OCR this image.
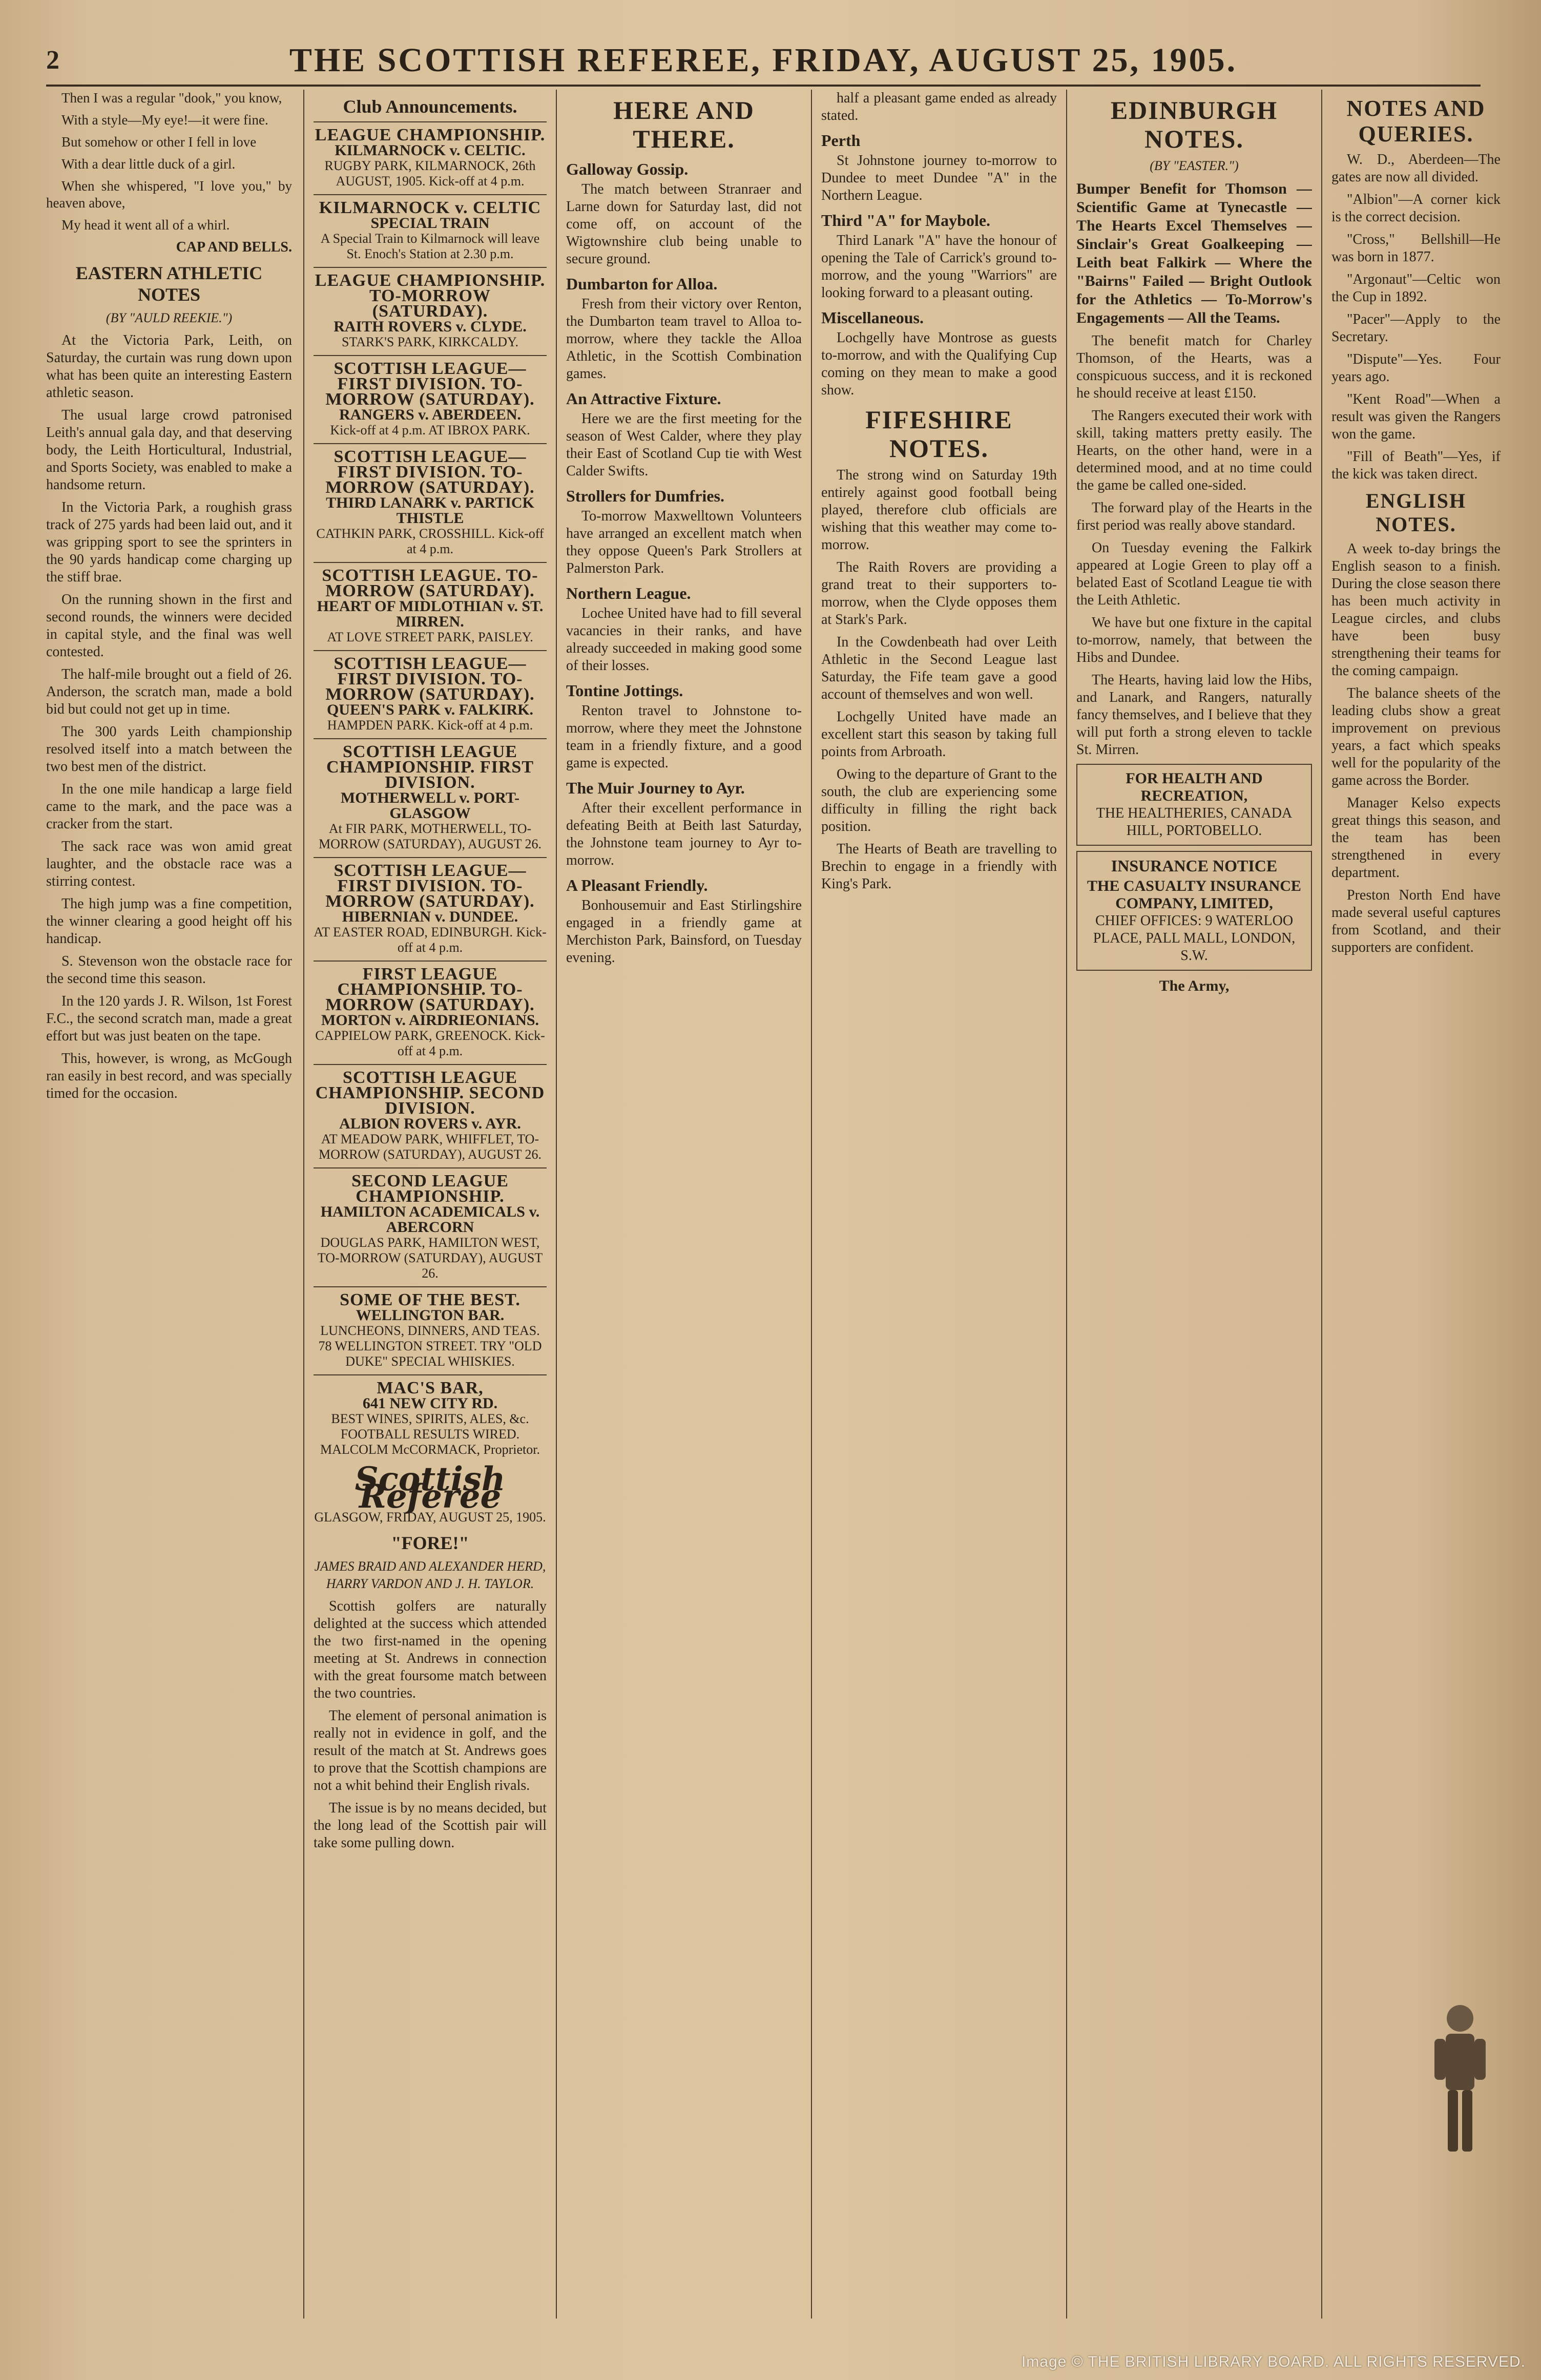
2	THE SCOTTISH REFEREE, FRIDAY, AUGUST 25, 1905.

Then I was a regular "dook," you know,

With a style—My eye!—it were fine.

But somehow or other I fell in love

With a dear little duck of a girl.

When she whispered, "I love you," by heaven above,

My head it went all of a whirl.

CAP AND BELLS.

EASTERN ATHLETIC NOTES
(BY "AULD REEKIE.")

At the Victoria Park, Leith, on Saturday, the curtain was rung down upon what has been quite an interesting Eastern athletic season.

The usual large crowd patronised Leith's annual gala day, and that deserving body, the Leith Horticultural, Industrial, and Sports Society, was enabled to make a handsome return.

In the Victoria Park, a roughish grass track of 275 yards had been laid out, and it was gripping sport to see the sprinters in the 90 yards handicap come charging up the stiff brae.

On the running shown in the first and second rounds, the winners were decided in capital style, and the final was well contested.

The half-mile brought out a field of 26. Anderson, the scratch man, made a bold bid but could not get up in time.

The 300 yards Leith championship resolved itself into a match between the two best men of the district.

In the one mile handicap a large field came to the mark, and the pace was a cracker from the start.

The sack race was won amid great laughter, and the obstacle race was a stirring contest.

The high jump was a fine competition, the winner clearing a good height off his handicap.

S. Stevenson won the obstacle race for the second time this season.

In the 120 yards J. R. Wilson, 1st Forest F.C., the second scratch man, made a great effort but was just beaten on the tape.

This, however, is wrong, as McGough ran easily in best record, and was specially timed for the occasion.

Club Announcements.
LEAGUE CHAMPIONSHIP.
KILMARNOCK v. CELTIC.
RUGBY PARK, KILMARNOCK, 26th AUGUST, 1905. Kick-off at 4 p.m.
KILMARNOCK v. CELTIC
SPECIAL TRAIN
A Special Train to Kilmarnock will leave St. Enoch's Station at 2.30 p.m.
LEAGUE CHAMPIONSHIP. TO-MORROW (SATURDAY).
RAITH ROVERS v. CLYDE.
STARK'S PARK, KIRKCALDY.
SCOTTISH LEAGUE—FIRST DIVISION. TO-MORROW (SATURDAY).
RANGERS v. ABERDEEN.
Kick-off at 4 p.m. AT IBROX PARK.
SCOTTISH LEAGUE—FIRST DIVISION. TO-MORROW (SATURDAY).
THIRD LANARK v. PARTICK THISTLE
CATHKIN PARK, CROSSHILL. Kick-off at 4 p.m.
SCOTTISH LEAGUE. TO-MORROW (SATURDAY).
HEART OF MIDLOTHIAN v. ST. MIRREN.
AT LOVE STREET PARK, PAISLEY.
SCOTTISH LEAGUE—FIRST DIVISION. TO-MORROW (SATURDAY).
QUEEN'S PARK v. FALKIRK.
HAMPDEN PARK. Kick-off at 4 p.m.
SCOTTISH LEAGUE CHAMPIONSHIP. FIRST DIVISION.
MOTHERWELL v. PORT-GLASGOW
At FIR PARK, MOTHERWELL, TO-MORROW (SATURDAY), AUGUST 26.
SCOTTISH LEAGUE—FIRST DIVISION. TO-MORROW (SATURDAY).
HIBERNIAN v. DUNDEE.
AT EASTER ROAD, EDINBURGH. Kick-off at 4 p.m.
FIRST LEAGUE CHAMPIONSHIP. TO-MORROW (SATURDAY).
MORTON v. AIRDRIEONIANS.
CAPPIELOW PARK, GREENOCK. Kick-off at 4 p.m.
SCOTTISH LEAGUE CHAMPIONSHIP. SECOND DIVISION.
ALBION ROVERS v. AYR.
AT MEADOW PARK, WHIFFLET, TO-MORROW (SATURDAY), AUGUST 26.
SECOND LEAGUE CHAMPIONSHIP.
HAMILTON ACADEMICALS v. ABERCORN
DOUGLAS PARK, HAMILTON WEST, TO-MORROW (SATURDAY), AUGUST 26.
SOME OF THE BEST.
WELLINGTON BAR.
LUNCHEONS, DINNERS, AND TEAS. 78 WELLINGTON STREET. TRY "OLD DUKE" SPECIAL WHISKIES.
MAC'S BAR,
641 NEW CITY RD.
BEST WINES, SPIRITS, ALES, &c. FOOTBALL RESULTS WIRED. MALCOLM McCORMACK, Proprietor.
Scottish Referee
GLASGOW, FRIDAY, AUGUST 25, 1905.
"FORE!"
JAMES BRAID AND ALEXANDER HERD, HARRY VARDON AND J. H. TAYLOR.

Scottish golfers are naturally delighted at the success which attended the two first-named in the opening meeting at St. Andrews in connection with the great foursome match between the two countries.

The element of personal animation is really not in evidence in golf, and the result of the match at St. Andrews goes to prove that the Scottish champions are not a whit behind their English rivals.

The issue is by no means decided, but the long lead of the Scottish pair will take some pulling down.

HERE AND THERE.
Galloway Gossip.

The match between Stranraer and Larne down for Saturday last, did not come off, on account of the Wigtownshire club being unable to secure ground.

Dumbarton for Alloa.

Fresh from their victory over Renton, the Dumbarton team travel to Alloa to-morrow, where they tackle the Alloa Athletic, in the Scottish Combination games.

An Attractive Fixture.

Here we are the first meeting for the season of West Calder, where they play their East of Scotland Cup tie with West Calder Swifts.

Strollers for Dumfries.

To-morrow Maxwelltown Volunteers have arranged an excellent match when they oppose Queen's Park Strollers at Palmerston Park.

Northern League.

Lochee United have had to fill several vacancies in their ranks, and have already succeeded in making good some of their losses.

Tontine Jottings.

Renton travel to Johnstone to-morrow, where they meet the Johnstone team in a friendly fixture, and a good game is expected.

The Muir Journey to Ayr.

After their excellent performance in defeating Beith at Beith last Saturday, the Johnstone team journey to Ayr to-morrow.

A Pleasant Friendly.

Bonhousemuir and East Stirlingshire engaged in a friendly game at Merchiston Park, Bainsford, on Tuesday evening.

half a pleasant game ended as already stated.

Perth

St Johnstone journey to-morrow to Dundee to meet Dundee "A" in the Northern League.

Third "A" for Maybole.

Third Lanark "A" have the honour of opening the Tale of Carrick's ground to-morrow, and the young "Warriors" are looking forward to a pleasant outing.

Miscellaneous.

Lochgelly have Montrose as guests to-morrow, and with the Qualifying Cup coming on they mean to make a good show.

FIFESHIRE NOTES.

The strong wind on Saturday 19th entirely against good football being played, therefore club officials are wishing that this weather may come to-morrow.

The Raith Rovers are providing a grand treat to their supporters to-morrow, when the Clyde opposes them at Stark's Park.

In the Cowdenbeath had over Leith Athletic in the Second League last Saturday, the Fife team gave a good account of themselves and won well.

Lochgelly United have made an excellent start this season by taking full points from Arbroath.

Owing to the departure of Grant to the south, the club are experiencing some difficulty in filling the right back position.

The Hearts of Beath are travelling to Brechin to engage in a friendly with King's Park.

EDINBURGH NOTES.
(BY "EASTER.")

Bumper Benefit for Thomson — Scientific Game at Tynecastle — The Hearts Excel Themselves — Sinclair's Great Goalkeeping — Leith beat Falkirk — Where the "Bairns" Failed — Bright Outlook for the Athletics — To-Morrow's Engagements — All the Teams.

The benefit match for Charley Thomson, of the Hearts, was a conspicuous success, and it is reckoned he should receive at least £150.

The Rangers executed their work with skill, taking matters pretty easily. The Hearts, on the other hand, were in a determined mood, and at no time could the game be called one-sided.

The forward play of the Hearts in the first period was really above standard.

On Tuesday evening the Falkirk appeared at Logie Green to play off a belated East of Scotland League tie with the Leith Athletic.

We have but one fixture in the capital to-morrow, namely, that between the Hibs and Dundee.

The Hearts, having laid low the Hibs, and Lanark, and Rangers, naturally fancy themselves, and I believe that they will put forth a strong eleven to tackle St. Mirren.

FOR HEALTH AND RECREATION,
THE HEALTHERIES, CANADA HILL, PORTOBELLO.
INSURANCE NOTICE
THE CASUALTY INSURANCE COMPANY, LIMITED,
CHIEF OFFICES: 9 WATERLOO PLACE, PALL MALL, LONDON, S.W.
The Army,
NOTES AND QUERIES.

W. D., Aberdeen—The gates are now all divided.

"Albion"—A corner kick is the correct decision.

"Cross," Bellshill—He was born in 1877.

"Argonaut"—Celtic won the Cup in 1892.

"Pacer"—Apply to the Secretary.

"Dispute"—Yes. Four years ago.

"Kent Road"—When a result was given the Rangers won the game.

"Fill of Beath"—Yes, if the kick was taken direct.

ENGLISH NOTES.

A week to-day brings the English season to a finish. During the close season there has been much activity in League circles, and clubs have been busy strengthening their teams for the coming campaign.

The balance sheets of the leading clubs show a great improvement on previous years, a fact which speaks well for the popularity of the game across the Border.

Manager Kelso expects great things this season, and the team has been strengthened in every department.

Preston North End have made several useful captures from Scotland, and their supporters are confident.

Image © THE BRITISH LIBRARY BOARD. ALL RIGHTS RESERVED.
